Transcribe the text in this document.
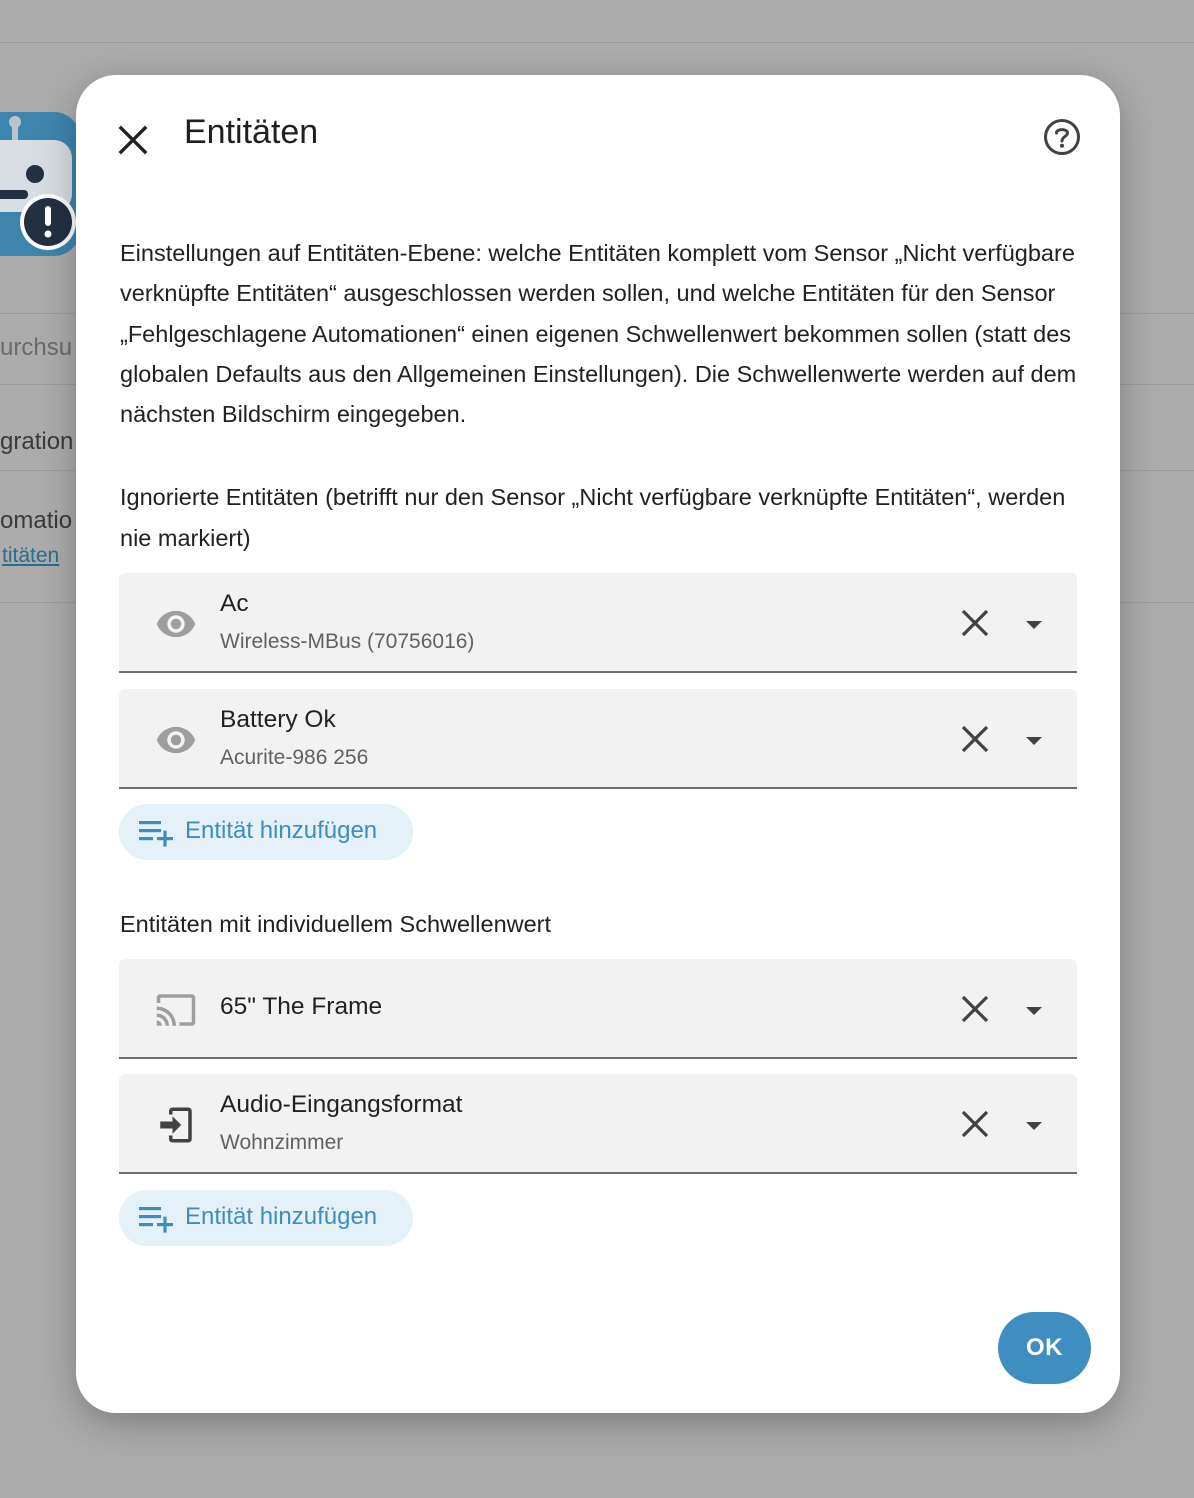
urchsu
gration
omatio
titäten
Entitäten
Einstellungen auf Entitäten-Ebene: welche Entitäten komplett vom Sensor „Nicht verfügbare verknüpfte Entitäten“ ausgeschlossen werden sollen, und welche Entitäten für den Sensor „Fehlgeschlagene Automationen“ einen eigenen Schwellenwert bekommen sollen (statt des globalen Defaults aus den Allgemeinen Einstellungen). Die Schwellenwerte werden auf dem nächsten Bildschirm eingegeben.
Ignorierte Entitäten (betrifft nur den Sensor „Nicht verfügbare verknüpfte Entitäten“, werden nie markiert)
Ac
Wireless-MBus (70756016)
Battery Ok
Acurite-986 256
Entität hinzufügen
Entitäten mit individuellem Schwellenwert
65" The Frame
Audio-Eingangsformat
Wohnzimmer
Entität hinzufügen
OK
